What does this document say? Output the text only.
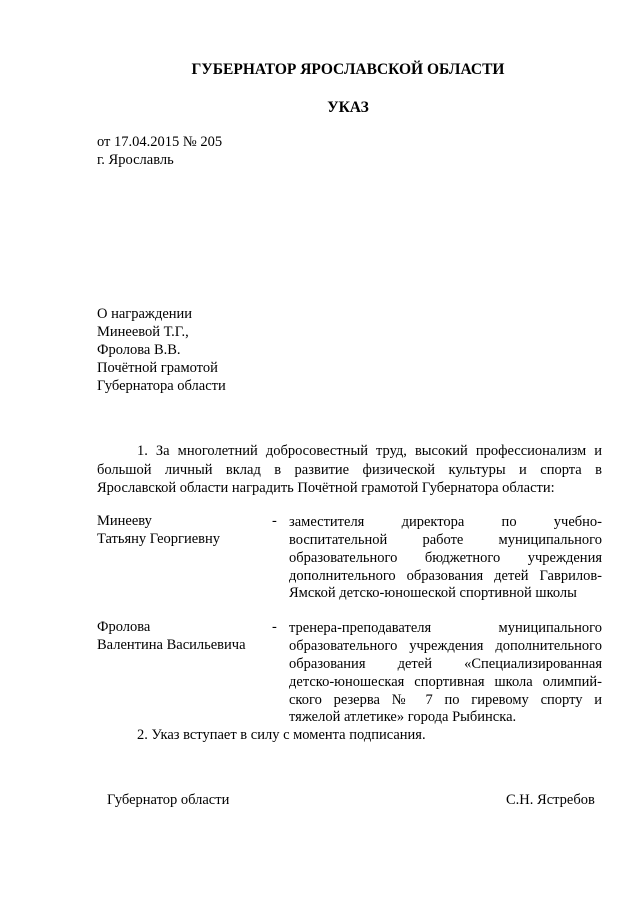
ГУБЕРНАТОР ЯРОСЛАВСКОЙ ОБЛАСТИ
УКАЗ
от 17.04.2015 № 205
г. Ярославль
О награждении
Минеевой Т.Г.,
Фролова В.В.
Почётной грамотой
Губернатора области
1. За многолетний добросовестный труд, высокий профессионализм и
большой личный вклад в развитие физической культуры и спорта в
Ярославской области наградить Почётной грамотой Губернатора области:
Минееву
Татьяну Георгиевну
- заместителя директора по учебно-
воспитательной работе муниципального
образовательного бюджетного учреждения
дополнительного образования детей Гаврилов-
Ямской детско-юношеской спортивной школы
Фролова
Валентина Васильевича
- тренера-преподавателя муниципального
образовательного учреждения дополнительного
образования детей «Специализированная
детско-юношеская спортивная школа олимпий-
ского резерва № 7 по гиревому спорту и
тяжелой атлетике» города Рыбинска.
2. Указ вступает в силу с момента подписания.
Губернатор области	С.Н. Ястребов
